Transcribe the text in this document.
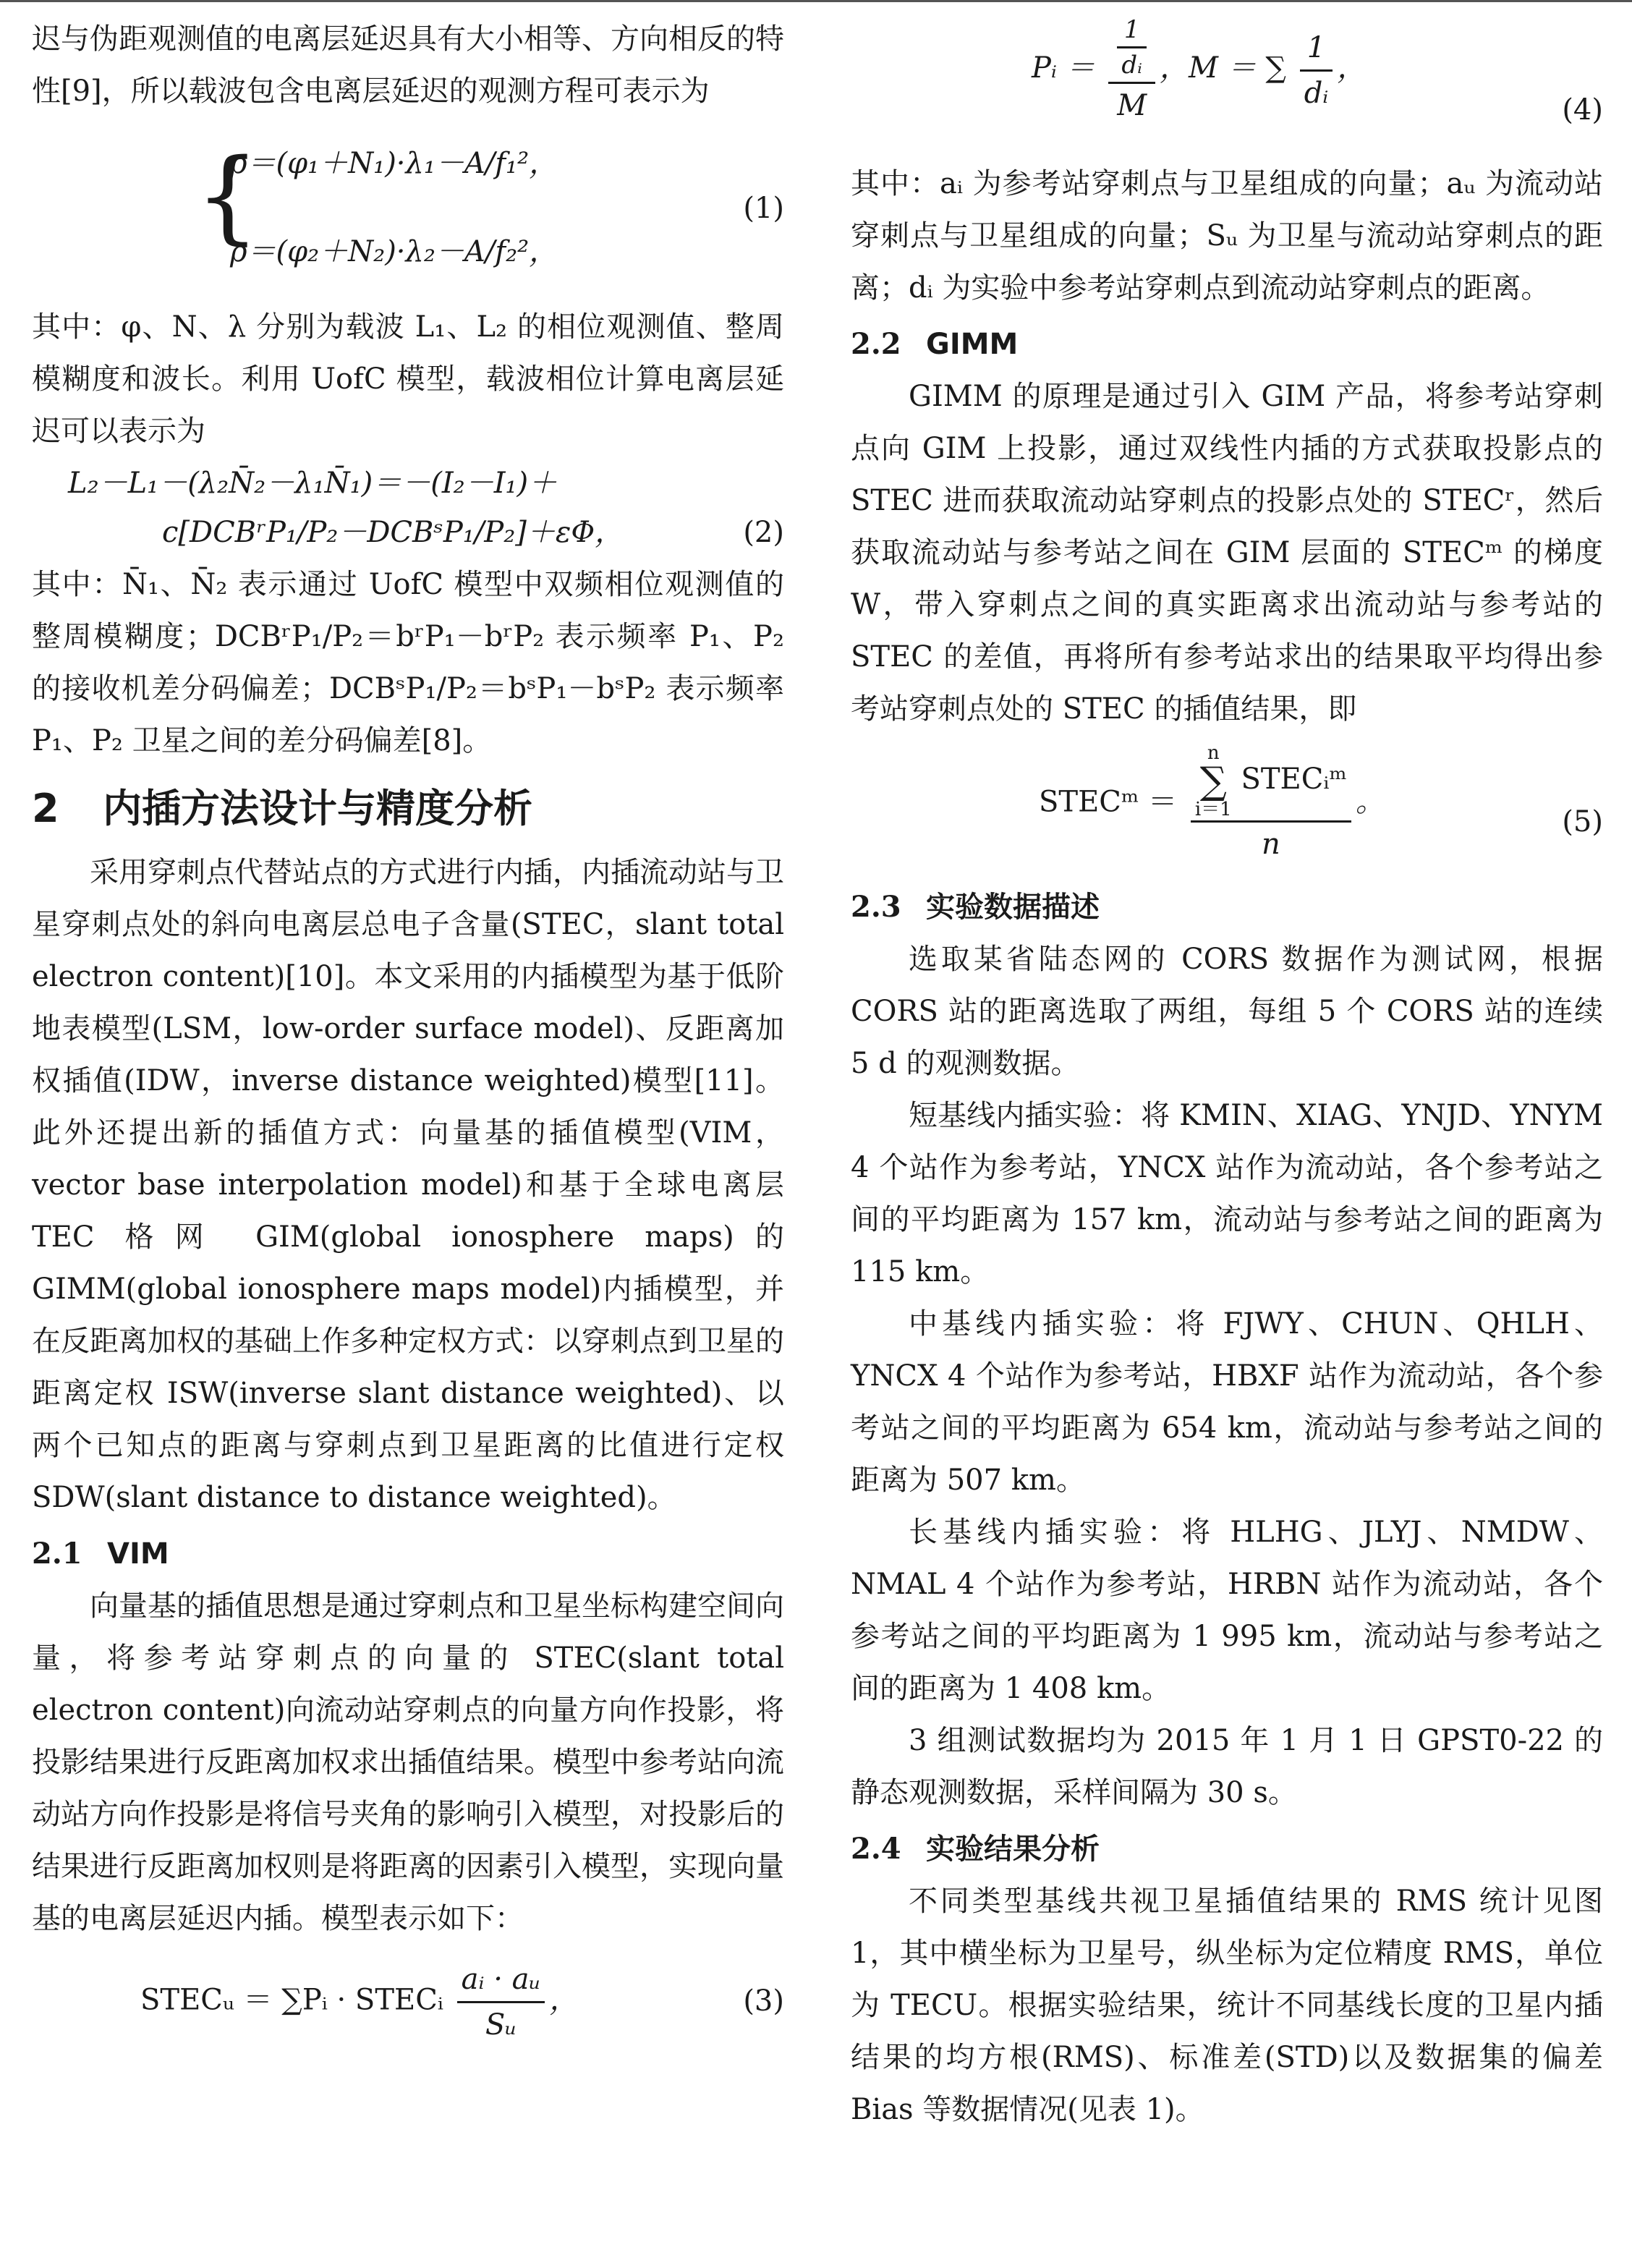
迟与伪距观测值的电离层延迟具有大小相等、方向相反的特性[9]，所以载波包含电离层延迟的观测方程可表示为

{
ρ＝(φ₁＋N₁)·λ₁－A/f₁²，
ρ＝(φ₂＋N₂)·λ₂－A/f₂²，
(1)

其中：φ、N、λ 分别为载波 L₁、L₂ 的相位观测值、整周模糊度和波长。利用 UofC 模型，载波相位计算电离层延迟可以表示为

L₂－L₁－(λ₂N̄₂－λ₁N̄₁)＝－(I₂－I₁)＋
c[DCBʳP₁/P₂－DCBˢP₁/P₂]＋εΦ，	(2)

其中：N̄₁、N̄₂ 表示通过 UofC 模型中双频相位观测值的整周模糊度；DCBʳP₁/P₂＝bʳP₁－bʳP₂ 表示频率 P₁、P₂ 的接收机差分码偏差；DCBˢP₁/P₂＝bˢP₁－bˢP₂ 表示频率 P₁、P₂ 卫星之间的差分码偏差[8]。

2 内插方法设计与精度分析

采用穿刺点代替站点的方式进行内插，内插流动站与卫星穿刺点处的斜向电离层总电子含量(STEC，slant total electron content)[10]。本文采用的内插模型为基于低阶地表模型(LSM，low-order surface model)、反距离加权插值(IDW，inverse distance weighted)模型[11]。此外还提出新的插值方式：向量基的插值模型(VIM，vector base interpolation model)和基于全球电离层 TEC 格网 GIM(global ionosphere maps)的 GIMM(global ionosphere maps model)内插模型，并在反距离加权的基础上作多种定权方式：以穿刺点到卫星的距离定权 ISW(inverse slant distance weighted)、以两个已知点的距离与穿刺点到卫星距离的比值进行定权 SDW(slant distance to distance weighted)。

2.1 VIM

向量基的插值思想是通过穿刺点和卫星坐标构建空间向量，将参考站穿刺点的向量的 STEC(slant total electron content)向流动站穿刺点的向量方向作投影，将投影结果进行反距离加权求出插值结果。模型中参考站向流动站方向作投影是将信号夹角的影响引入模型，对投影后的结果进行反距离加权则是将距离的因素引入模型，实现向量基的电离层延迟内插。模型表示如下：

STECᵤ ＝ ∑Pᵢ · STECᵢ $\frac{\text{aᵢ · aᵤ}}{\text{Sᵤ}}$ ，	(3)
Pᵢ ＝ $\frac{\frac{1}{\text{dᵢ}}}{M}$ ，M ＝ ∑ $\frac{1}{\text{dᵢ}}$ ，
(4)

其中：aᵢ 为参考站穿刺点与卫星组成的向量；aᵤ 为流动站穿刺点与卫星组成的向量；Sᵤ 为卫星与流动站穿刺点的距离；dᵢ 为实验中参考站穿刺点到流动站穿刺点的距离。

2.2 GIMM

GIMM 的原理是通过引入 GIM 产品，将参考站穿刺点向 GIM 上投影，通过双线性内插的方式获取投影点的 STEC 进而获取流动站穿刺点的投影点处的 STECʳ，然后获取流动站与参考站之间在 GIM 层面的 STECᵐ 的梯度 W，带入穿刺点之间的真实距离求出流动站与参考站的 STEC 的差值，再将所有参考站求出的结果取平均得出参考站穿刺点处的 STEC 的插值结果，即

STECᵐ ＝ n
∑
i＝1
STECᵢᵐ
n 。
(5)
2.3 实验数据描述

选取某省陆态网的 CORS 数据作为测试网，根据 CORS 站的距离选取了两组，每组 5 个 CORS 站的连续 5 d 的观测数据。

短基线内插实验：将 KMIN、XIAG、YNJD、YNYM 4 个站作为参考站，YNCX 站作为流动站，各个参考站之间的平均距离为 157 km，流动站与参考站之间的距离为 115 km。

中基线内插实验：将 FJWY、CHUN、QHLH、YNCX 4 个站作为参考站，HBXF 站作为流动站，各个参考站之间的平均距离为 654 km，流动站与参考站之间的距离为 507 km。

长基线内插实验：将 HLHG、JLYJ、NMDW、NMAL 4 个站作为参考站，HRBN 站作为流动站，各个参考站之间的平均距离为 1 995 km，流动站与参考站之间的距离为 1 408 km。

3 组测试数据均为 2015 年 1 月 1 日 GPST0-22 的静态观测数据，采样间隔为 30 s。

2.4 实验结果分析

不同类型基线共视卫星插值结果的 RMS 统计见图 1，其中横坐标为卫星号，纵坐标为定位精度 RMS，单位为 TECU。根据实验结果，统计不同基线长度的卫星内插结果的均方根(RMS)、标准差(STD)以及数据集的偏差 Bias 等数据情况(见表 1)。
